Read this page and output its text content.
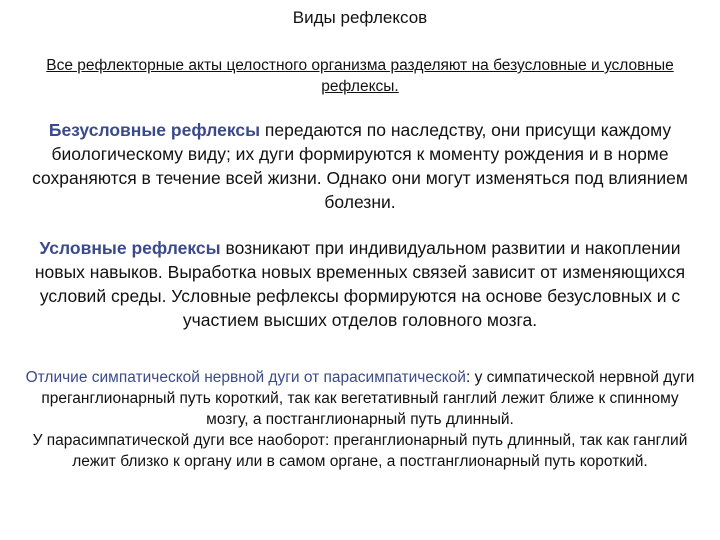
Виды рефлексов
Все рефлекторные акты целостного организма разделяют на безусловные и условные рефлексы.
Безусловные рефлексы передаются по наследству, они присущи каждому биологическому виду; их дуги формируются к моменту рождения и в норме сохраняются в течение всей жизни. Однако они могут изменяться под влиянием болезни.
Условные рефлексы возникают при индивидуальном развитии и накоплении новых навыков. Выработка новых временных связей зависит от изменяющихся условий среды. Условные рефлексы формируются на основе безусловных и с участием высших отделов головного мозга.
Отличие симпатической нервной дуги от парасимпатической: у симпатической нервной дуги преганглионарный путь короткий, так как вегетативный ганглий лежит ближе к спинному мозгу, а постганглионарный путь длинный.
У парасимпатической дуги все наоборот: преганглионарный путь длинный, так как ганглий лежит близко к органу или в самом органе, а постганглионарный путь короткий.
